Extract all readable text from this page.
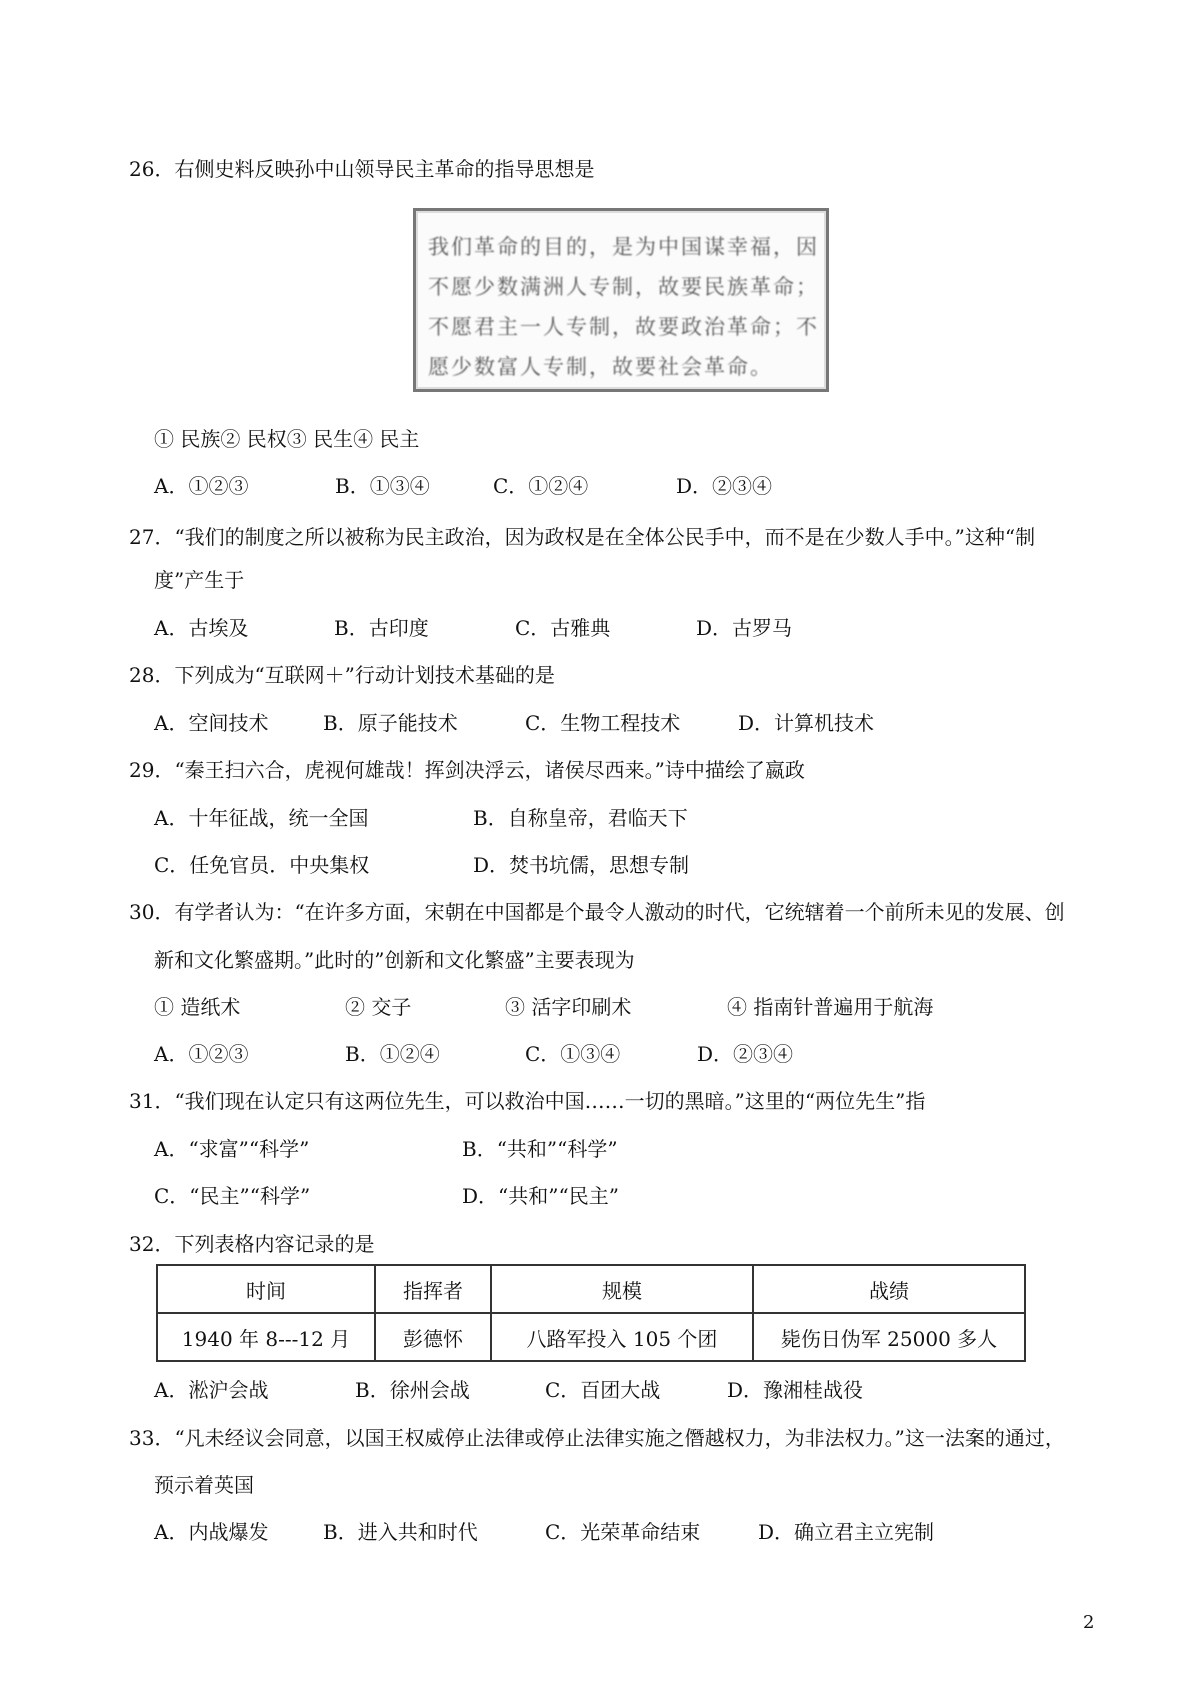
26．右侧史料反映孙中山领导民主革命的指导思想是
我们革命的目的，是为中国谋幸福，因
不愿少数满洲人专制，故要民族革命；
不愿君主一人专制，故要政治革命；不
愿少数富人专制，故要社会革命。
① 民族② 民权③ 民生④ 民主
A．①②③	B．①③④	C．①②④	D．②③④
27．“我们的制度之所以被称为民主政治，因为政权是在全体公民手中，而不是在少数人手中。”这种“制
度”产生于
A．古埃及	B．古印度	C．古雅典	D．古罗马
28．下列成为“互联网＋”行动计划技术基础的是
A．空间技术	B．原子能技术	C．生物工程技术	D．计算机技术
29．“秦王扫六合，虎视何雄哉！挥剑决浮云，诸侯尽西来。”诗中描绘了嬴政
A．十年征战，统一全国	B．自称皇帝，君临天下
C．任免官员．中央集权	D．焚书坑儒，思想专制
30．有学者认为：“在许多方面，宋朝在中国都是个最令人激动的时代，它统辖着一个前所未见的发展、创
新和文化繁盛期。”此时的”创新和文化繁盛”主要表现为
① 造纸术	② 交子	③ 活字印刷术	④ 指南针普遍用于航海
A．①②③	B．①②④	C．①③④	D．②③④
31．“我们现在认定只有这两位先生，可以救治中国……一切的黑暗。”这里的“两位先生”指
A．“求富”“科学”	B．“共和”“科学”
C．“民主”“科学”	D．“共和”“民主”
32．下列表格内容记录的是
时间	指挥者	规模	战绩
1940 年 8---12 月	彭德怀	八路军投入 105 个团	毙伤日伪军 25000 多人
A．淞沪会战	B．徐州会战	C．百团大战	D．豫湘桂战役
33．“凡未经议会同意，以国王权威停止法律或停止法律实施之僭越权力，为非法权力。”这一法案的通过，
预示着英国
A．内战爆发	B．进入共和时代	C．光荣革命结束	D．确立君主立宪制
2
